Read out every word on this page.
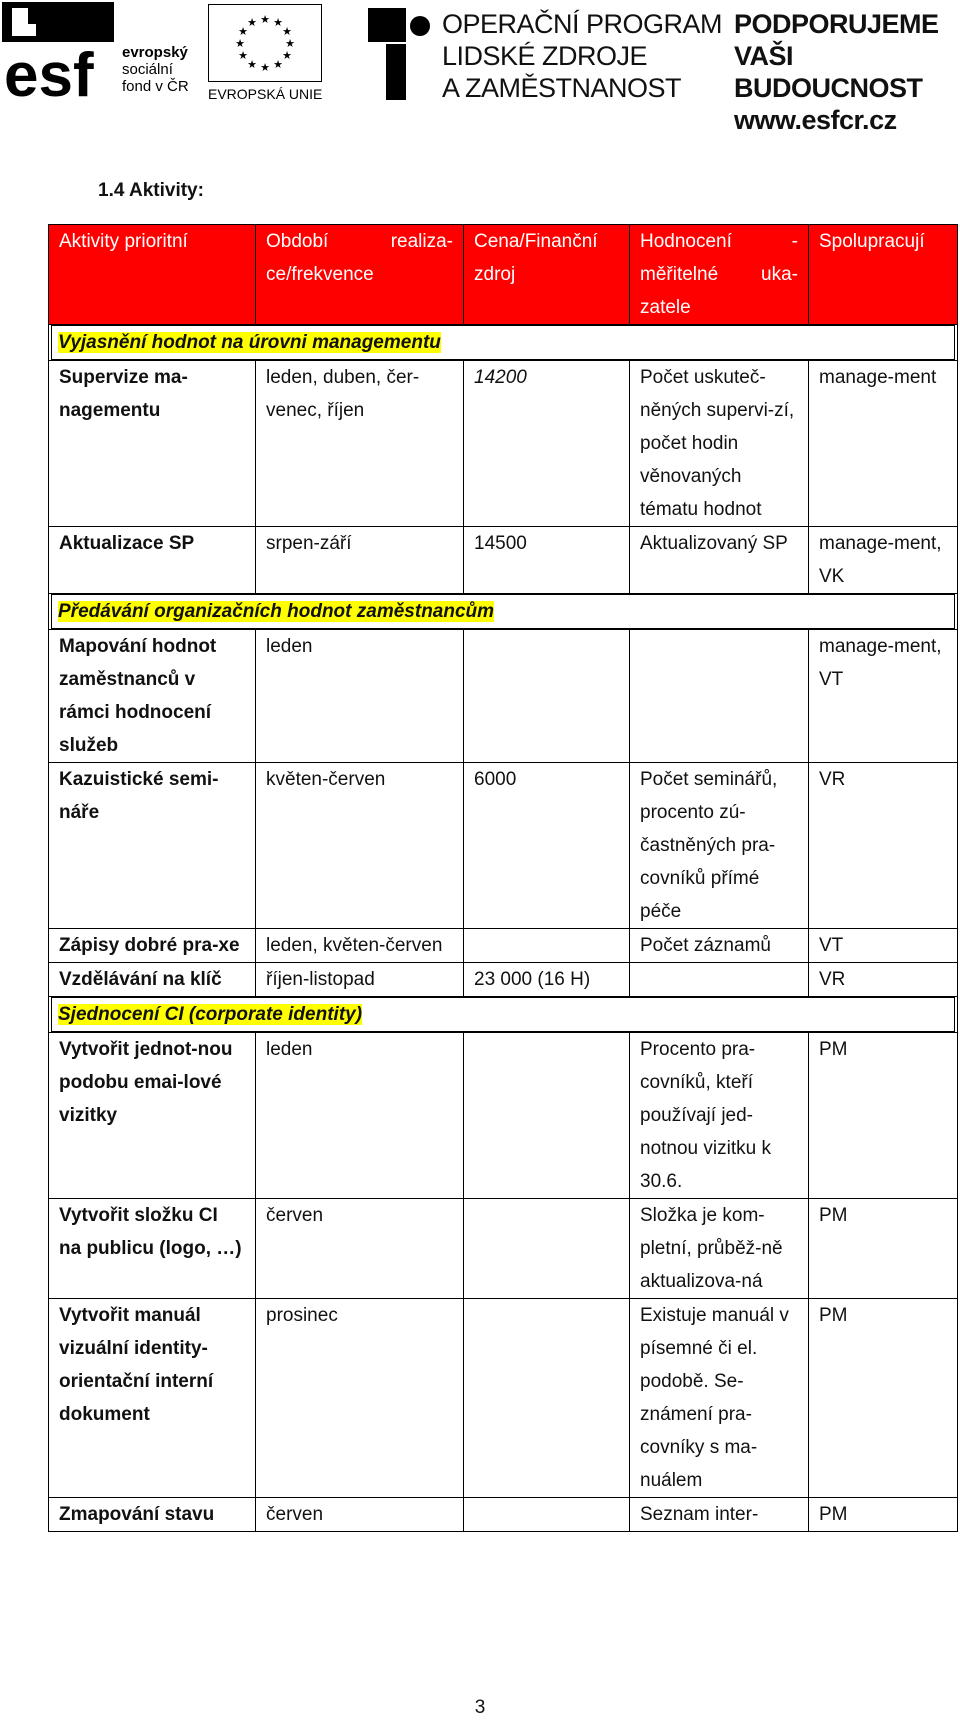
esf evropský
sociální
fond v ČR
★ ★
★
★
★
★
★
★
★
★
★
★
EVROPSKÁ UNIE
OPERAČNÍ PROGRAM
LIDSKÉ ZDROJE
A ZAMĚSTNANOST
PODPORUJEME
VAŠI BUDOUCNOST
www.esfcr.cz
1.4 Aktivity:
Aktivity prioritní	Období realiza-ce/frekvence	Cena/Finanční zdroj	Hodnocení - měřitelné uka-zatele	Spolupracují

Vyjasnění hodnot na úrovni managementu				

Supervize ma-nagementu	leden, duben, čer-venec, říjen	14200	Počet uskuteč-něných supervi-zí, počet hodin věnovaných tématu hodnot	manage-ment
Aktualizace SP	srpen-září	14500	Aktualizovaný SP	manage-ment, VK

Předávání organizačních hodnot zaměstnancům				

Mapování hodnot zaměstnanců v rámci hodnocení služeb	leden			manage-ment, VT
Kazuistické semi-náře	květen-červen	6000	Počet seminářů, procento zú-častněných pra-covníků přímé péče	VR
Zápisy dobré pra-xe	leden, květen-červen		Počet záznamů	VT
Vzdělávání na klíč	říjen-listopad	23 000 (16 H)		VR

Sjednocení CI (corporate identity)				

Vytvořit jednot-nou podobu emai-lové vizitky	leden		Procento pra-covníků, kteří používají jed-notnou vizitku k 30.6.	PM
Vytvořit složku CI na publicu (logo, …)	červen		Složka je kom-pletní, průběž-ně aktualizova-ná	PM
Vytvořit manuál vizuální identity-orientační interní dokument	prosinec		Existuje manuál v písemné či el. podobě. Se-známení pra-covníky s ma-nuálem	PM
Zmapování stavu	červen		Seznam inter-	PM
3
